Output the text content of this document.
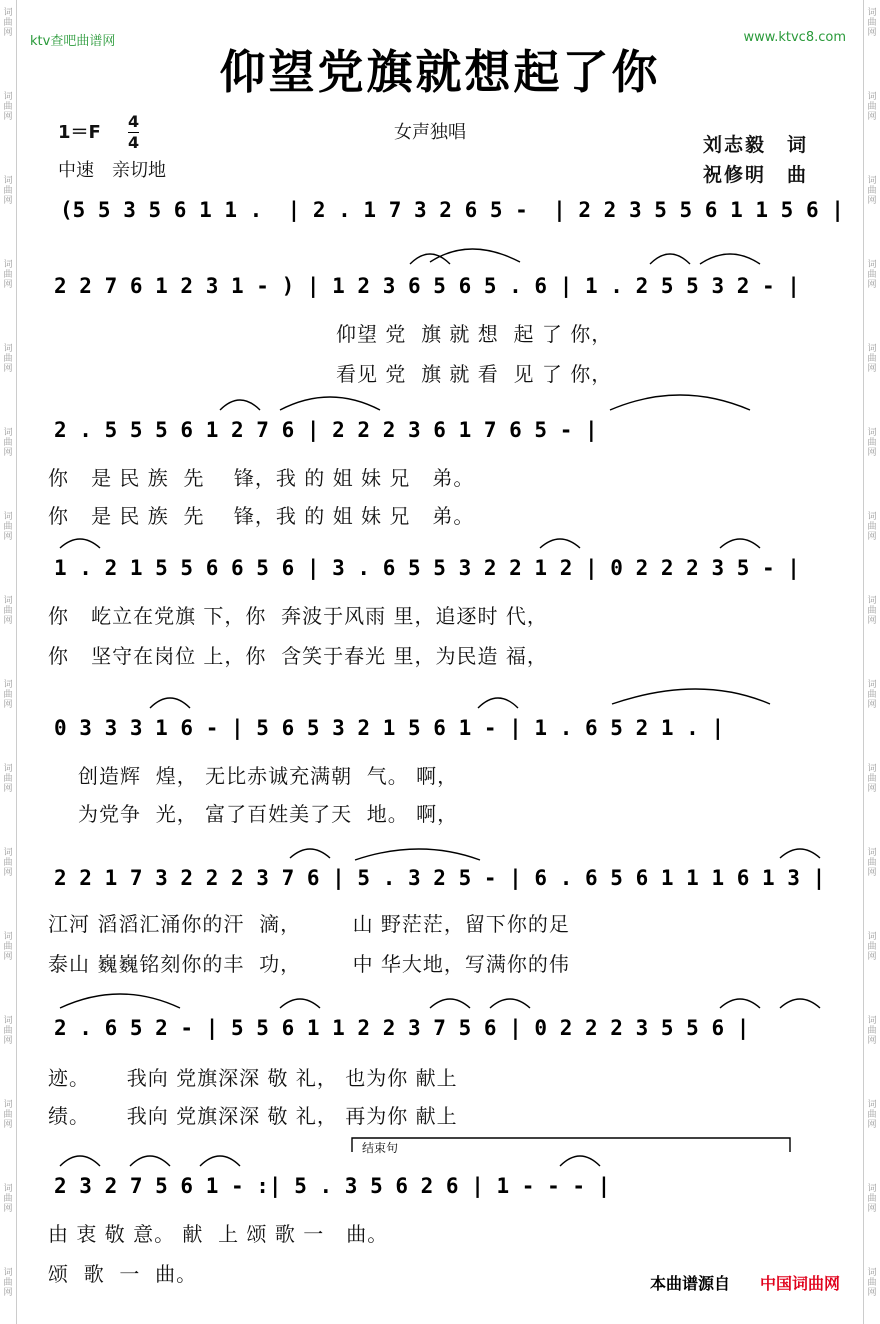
词
曲
网
词
曲
网
词
曲
网
词
曲
网
词
曲
网
词
曲
网
词
曲
网
词
曲
网
词
曲
网
词
曲
网
词
曲
网
词
曲
网
词
曲
网
词
曲
网
词
曲
网
词
曲
网
词
曲
网
词
曲
网
词
曲
网
词
曲
网
词
曲
网
词
曲
网
词
曲
网
词
曲
网
词
曲
网
词
曲
网
词
曲
网
词
曲
网
词
曲
网
词
曲
网
词
曲
网
词
曲
网
ktv查吧曲谱网	www.ktvc8.com
仰望党旗就想起了你
$1=F \frac{4}{4}$
中速　亲切地
女声独唱
刘志毅　词
祝修明　曲
(5 5 3 5 6 1 1 .  | 2 . 1 7 3 2 6 5 -  | 2 2 3 5 5 6 1 1 5 6 |
2 2 7 6 1 2 3 1 - ) | 1 2 3 6 5 6 5 . 6 | 1 . 2 5 5 3 2 - |
仰望 党  旗 就 想  起 了 你，
看见 党  旗 就 看  见 了 你，
2 . 5 5 5 6 1 2 7 6 | 2 2 2 3 6 1 7 6 5 - |
你   是 民 族  先    锋，我 的 姐 妹 兄   弟。
你   是 民 族  先    锋，我 的 姐 妹 兄   弟。
1 . 2 1 5 5 6 6 5 6 | 3 . 6 5 5 3 2 2 1 2 | 0 2 2 2 3 5 - |
你   屹立在党旗 下，你  奔波于风雨 里，追逐时 代，
你   坚守在岗位 上，你  含笑于春光 里，为民造 福，
0 3 3 3 1 6 - | 5 6 5 3 2 1 5 6 1 - | 1 . 6 5 2 1 . |
创造辉  煌， 无比赤诚充满朝  气。 啊，
为党争  光， 富了百姓美了天  地。 啊，
2 2 1 7 3 2 2 2 3 7 6 | 5 . 3 2 5 - | 6 . 6 5 6 1 1 1 6 1 3 |
江河 滔滔汇涌你的汗  滴，       山 野茫茫，留下你的足
泰山 巍巍铭刻你的丰  功，       中 华大地，写满你的伟
2 . 6 5 2 - | 5 5 6 1 1 2 2 3 7 5 6 | 0 2 2 2 3 5 5 6 |
迹。     我向 党旗深深 敬 礼， 也为你 献上
绩。     我向 党旗深深 敬 礼， 再为你 献上
结束句
2 3 2 7 5 6 1 - :| 5 . 3 5 6 2 6 | 1 - - - |
由 衷 敬 意。 献  上 颂 歌 一   曲。
颂  歌  一  曲。	本曲谱源自 中国词曲网
